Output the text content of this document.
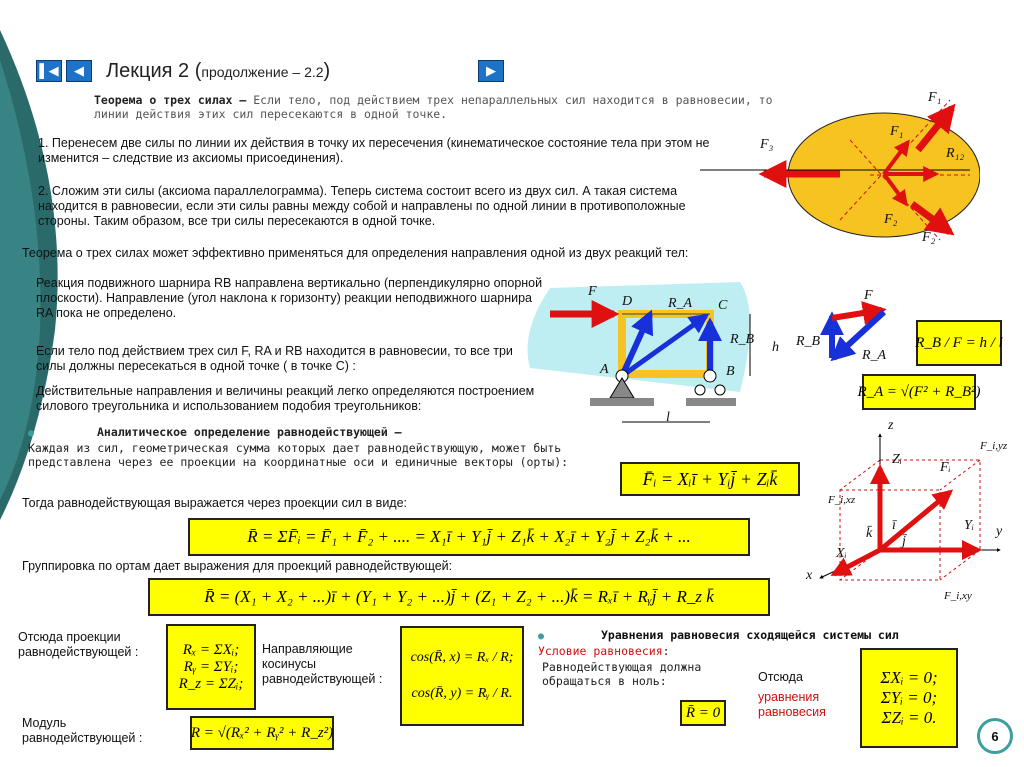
▌◀	◀	▶
Лекция 2 (продолжение – 2.2)
Теорема о трех силах – Если тело, под действием трех непараллельных сил находится в равновесии, то линии действия этих сил пересекаются в одной точке.
1. Перенесем две силы по линии их действия в точку их пересечения (кинематическое состояние тела при этом не изменится – следствие из аксиомы присоединения).
2. Сложим эти силы (аксиома параллелограмма). Теперь система состоит всего из двух сил. А такая система находится в равновесии, если эти силы равны между собой и направлены по одной линии в противоположные стороны. Таким образом, все три силы пересекаются в одной точке.
Теорема о трех силах может эффективно применяться для определения направления одной из двух реакций тел:
Реакция подвижного шарнира RB направлена вертикально (перпендикулярно опорной плоскости). Направление (угол наклона к горизонту) реакции неподвижного шарнира RA пока не определено.
Если тело под действием трех сил F, RA и RB находится в равновесии, то все три силы должны пересекаться в одной точке ( в точке С) :
Действительные направления и величины реакций легко определяются построением силового треугольника и использованием подобия треугольников:
●	Аналитическое определение равнодействующей –
Каждая из сил, геометрическая сумма которых дает равнодействующую, может быть представлена через ее проекции на координатные оси и единичные векторы (орты):
Тогда равнодействующая выражается через проекции сил в виде:
Группировка по ортам дает выражения для проекций равнодействующей:
Отсюда проекции равнодействующей :	Направляющие косинусы равнодействующей :
Модуль равнодействующей :
●	Уравнения равновесия сходящейся системы сил
Условие равновесия:
Равнодействующая должна обращаться в ноль:	Отсюда
уравнения равновесия
F̄ᵢ = Xᵢī + Yᵢj̄ + Zᵢk̄
R̄ = ΣF̄ᵢ = F̄₁ + F̄₂ + .... = X₁ī + Y₁j̄ + Z₁k̄ + X₂ī + Y₂j̄ + Z₂k̄ + ...
R̄ = (X₁ + X₂ + ...)ī + (Y₁ + Y₂ + ...)j̄ + (Z₁ + Z₂ + ...)k̄ = Rₓī + Rᵧj̄ + R_z k̄
Rₓ = ΣXᵢ;
Rᵧ = ΣYᵢ;
R_z = ΣZᵢ;
cos(R̄, x) = Rₓ / R;
cos(R̄, y) = Rᵧ / R.
R = √(Rₓ² + Rᵧ² + R_z²)
R̄ = 0
ΣXᵢ = 0;
ΣYᵢ = 0;
ΣZᵢ = 0.
R_B / F = h / l
R_A = √(F² + R_B²)
F₁
F₁
F₃
R₁₂
F₂
F₂
F
D	R_A C
R_B
h
A	B
l
F
R_B
R_A
z
Zᵢ
F_i,yz
Fᵢ
F_i,xz
k̄
ī
j̄
Yᵢ y
Xᵢ
x
F_i,xy
6
